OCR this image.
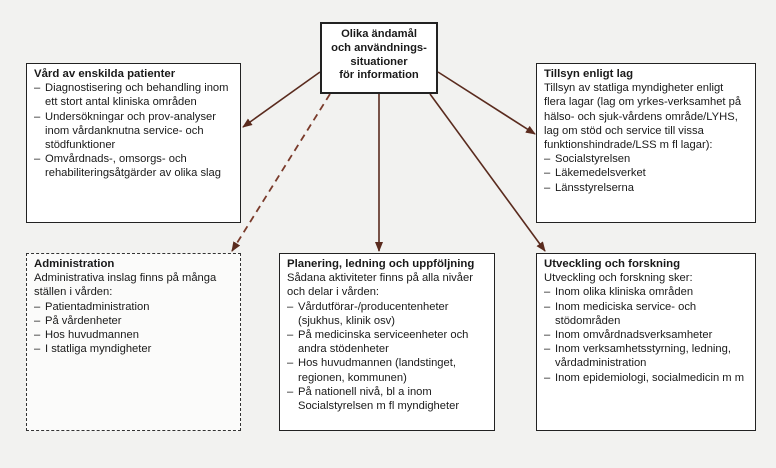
Olika ändamål
och användnings-
situationer
för information
Vård av enskilda patienter
– Diagnostisering och behandling inom ett stort antal kliniska områden
– Undersökningar och prov-analyser inom vårdanknutna service- och stödfunktioner
– Omvårdnads-, omsorgs- och rehabiliteringsåtgärder av olika slag
Tillsyn enligt lag

Tillsyn av statliga myndigheter enligt flera lagar (lag om yrkes-verksamhet på hälso- och sjuk-vårdens område/LYHS, lag om stöd och service till vissa funktionshindrade/LSS m fl lagar):

– Socialstyrelsen
– Läkemedelsverket
– Länsstyrelserna
Administration

Administrativa inslag finns på många ställen i vården:

– Patientadministration
– På vårdenheter
– Hos huvudmannen
– I statliga myndigheter
Planering, ledning och uppföljning

Sådana aktiviteter finns på alla nivåer och delar i vården:

– Vårdutförar-/producentenheter (sjukhus, klinik osv)
– På medicinska serviceenheter och andra stödenheter
– Hos huvudmannen (landstinget, regionen, kommunen)
– På nationell nivå, bl a inom Socialstyrelsen m fl myndigheter
Utveckling och forskning

Utveckling och forskning sker:

– Inom olika kliniska områden
– Inom mediciska service- och stödområden
– Inom omvårdnadsverksamheter
– Inom verksamhetsstyrning, ledning, vårdadministration
– Inom epidemiologi, socialmedicin m m
